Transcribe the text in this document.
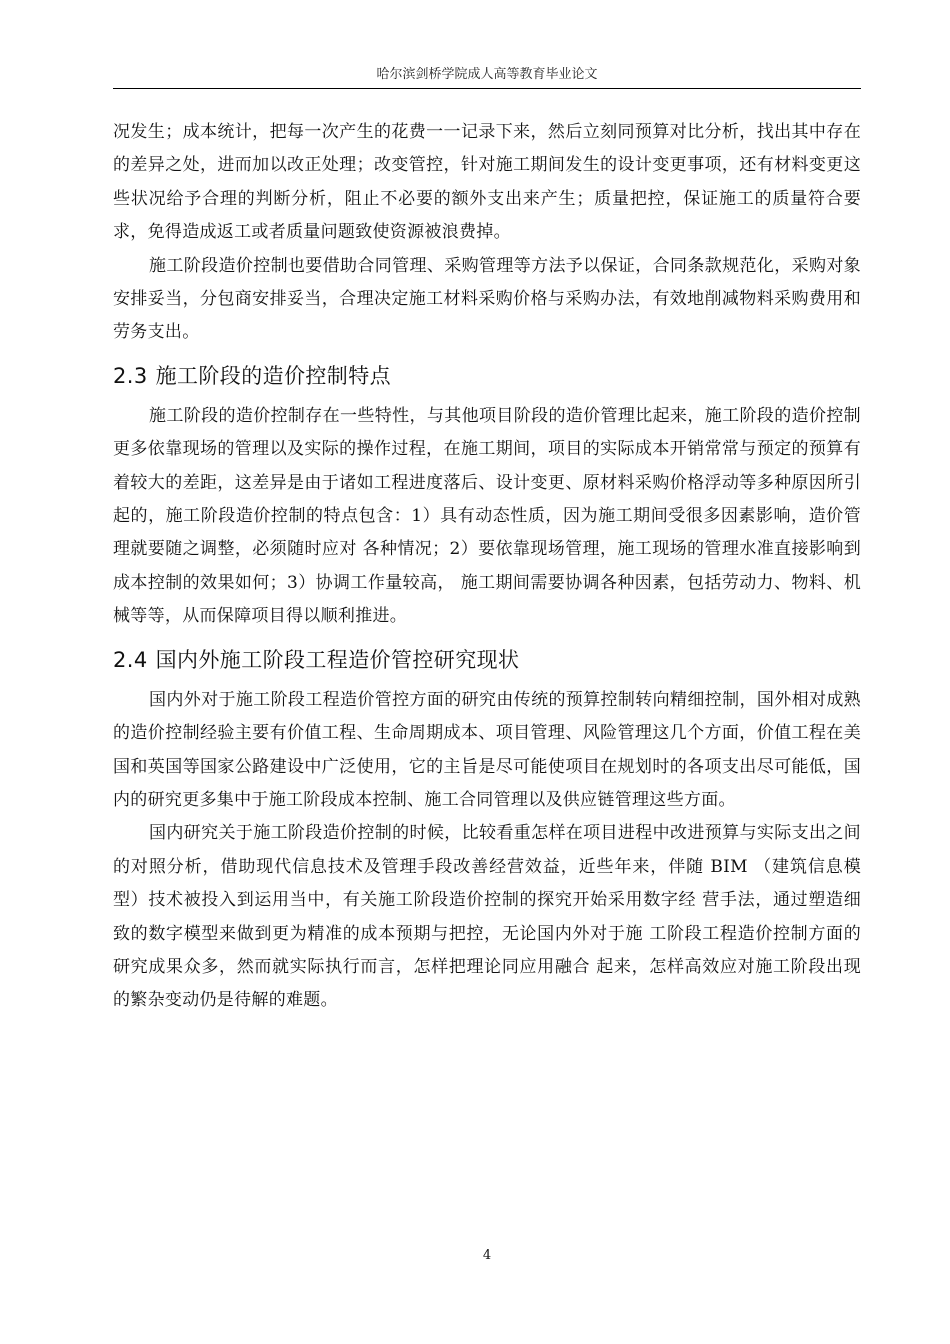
哈尔滨剑桥学院成人高等教育毕业论文

况发生；成本统计，把每一次产生的花费一一记录下来，然后立刻同预算对比分析，找出其中存在的差异之处，进而加以改正处理；改变管控，针对施工期间发生的设计变更事项，还有材料变更这些状况给予合理的判断分析，阻止不必要的额外支出来产生；质量把控，保证施工的质量符合要求，免得造成返工或者质量问题致使资源被浪费掉。

施工阶段造价控制也要借助合同管理、采购管理等方法予以保证，合同条款规范化，采购对象安排妥当，分包商安排妥当，合理决定施工材料采购价格与采购办法，有效地削减物料采购费用和劳务支出。

2.3 施工阶段的造价控制特点

施工阶段的造价控制存在一些特性，与其他项目阶段的造价管理比起来，施工阶段的造价控制更多依靠现场的管理以及实际的操作过程，在施工期间，项目的实际成本开销常常与预定的预算有着较大的差距，这差异是由于诸如工程进度落后、设计变更、原材料采购价格浮动等多种原因所引起的，施工阶段造价控制的特点包含：1）具有动态性质，因为施工期间受很多因素影响，造价管理就要随之调整，必须随时应对 各种情况；2）要依靠现场管理，施工现场的管理水准直接影响到成本控制的效果如何；3）协调工作量较高， 施工期间需要协调各种因素，包括劳动力、物料、机械等等，从而保障项目得以顺利推进。

2.4 国内外施工阶段工程造价管控研究现状

国内外对于施工阶段工程造价管控方面的研究由传统的预算控制转向精细控制，国外相对成熟的造价控制经验主要有价值工程、生命周期成本、项目管理、风险管理这几个方面，价值工程在美国和英国等国家公路建设中广泛使用，它的主旨是尽可能使项目在规划时的各项支出尽可能低，国内的研究更多集中于施工阶段成本控制、施工合同管理以及供应链管理这些方面。

国内研究关于施工阶段造价控制的时候，比较看重怎样在项目进程中改进预算与实际支出之间的对照分析，借助现代信息技术及管理手段改善经营效益，近些年来，伴随 BIM （建筑信息模型）技术被投入到运用当中，有关施工阶段造价控制的探究开始采用数字经 营手法，通过塑造细致的数字模型来做到更为精准的成本预期与把控，无论国内外对于施 工阶段工程造价控制方面的研究成果众多，然而就实际执行而言，怎样把理论同应用融合 起来，怎样高效应对施工阶段出现的繁杂变动仍是待解的难题。

4
